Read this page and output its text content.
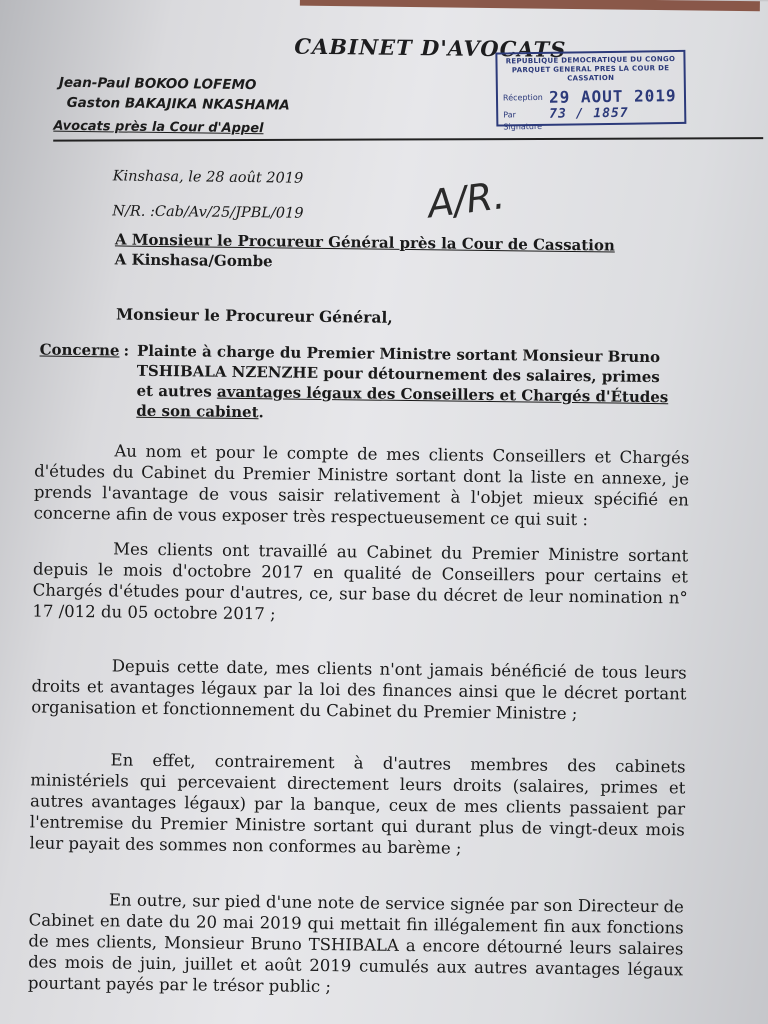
CABINET D'AVOCATS
Jean-Paul BOKOO LOFEMO
Gaston BAKAJIKA NKASHAMA
Avocats près la Cour d'Appel
REPUBLIQUE DEMOCRATIQUE DU CONGO
PARQUET GENERAL PRES LA COUR DE CASSATION
Réception 29 AOUT 2019
Par	73 / 1857
Signature
A/R.
Kinshasa, le 28 août 2019
N/R. :Cab/Av/25/JPBL/019
A Monsieur le Procureur Général près la Cour de Cassation
A Kinshasa/Gombe
Monsieur le Procureur Général,
Concerne : Plainte à charge du Premier Ministre sortant Monsieur Bruno TSHIBALA NZENZHE pour détournement des salaires, primes et autres avantages légaux des Conseillers et Chargés d'Études de son cabinet.
Au nom et pour le compte de mes clients Conseillers et Chargés d'études du Cabinet du Premier Ministre sortant dont la liste en annexe, je prends l'avantage de vous saisir relativement à l'objet mieux spécifié en concerne afin de vous exposer très respectueusement ce qui suit :
Mes clients ont travaillé au Cabinet du Premier Ministre sortant depuis le mois d'octobre 2017 en qualité de Conseillers pour certains et Chargés d'études pour d'autres, ce, sur base du décret de leur nomination n° 17 /012 du 05 octobre 2017 ;
Depuis cette date, mes clients n'ont jamais bénéficié de tous leurs droits et avantages légaux par la loi des finances ainsi que le décret portant organisation et fonctionnement du Cabinet du Premier Ministre ;
En effet, contrairement à d'autres membres des cabinets ministériels qui percevaient directement leurs droits (salaires, primes et autres avantages légaux) par la banque, ceux de mes clients passaient par l'entremise du Premier Ministre sortant qui durant plus de vingt-deux mois leur payait des sommes non conformes au barème ;
En outre, sur pied d'une note de service signée par son Directeur de Cabinet en date du 20 mai 2019 qui mettait fin illégalement fin aux fonctions de mes clients, Monsieur Bruno TSHIBALA a encore détourné leurs salaires des mois de juin, juillet et août 2019 cumulés aux autres avantages légaux pourtant payés par le trésor public ;
